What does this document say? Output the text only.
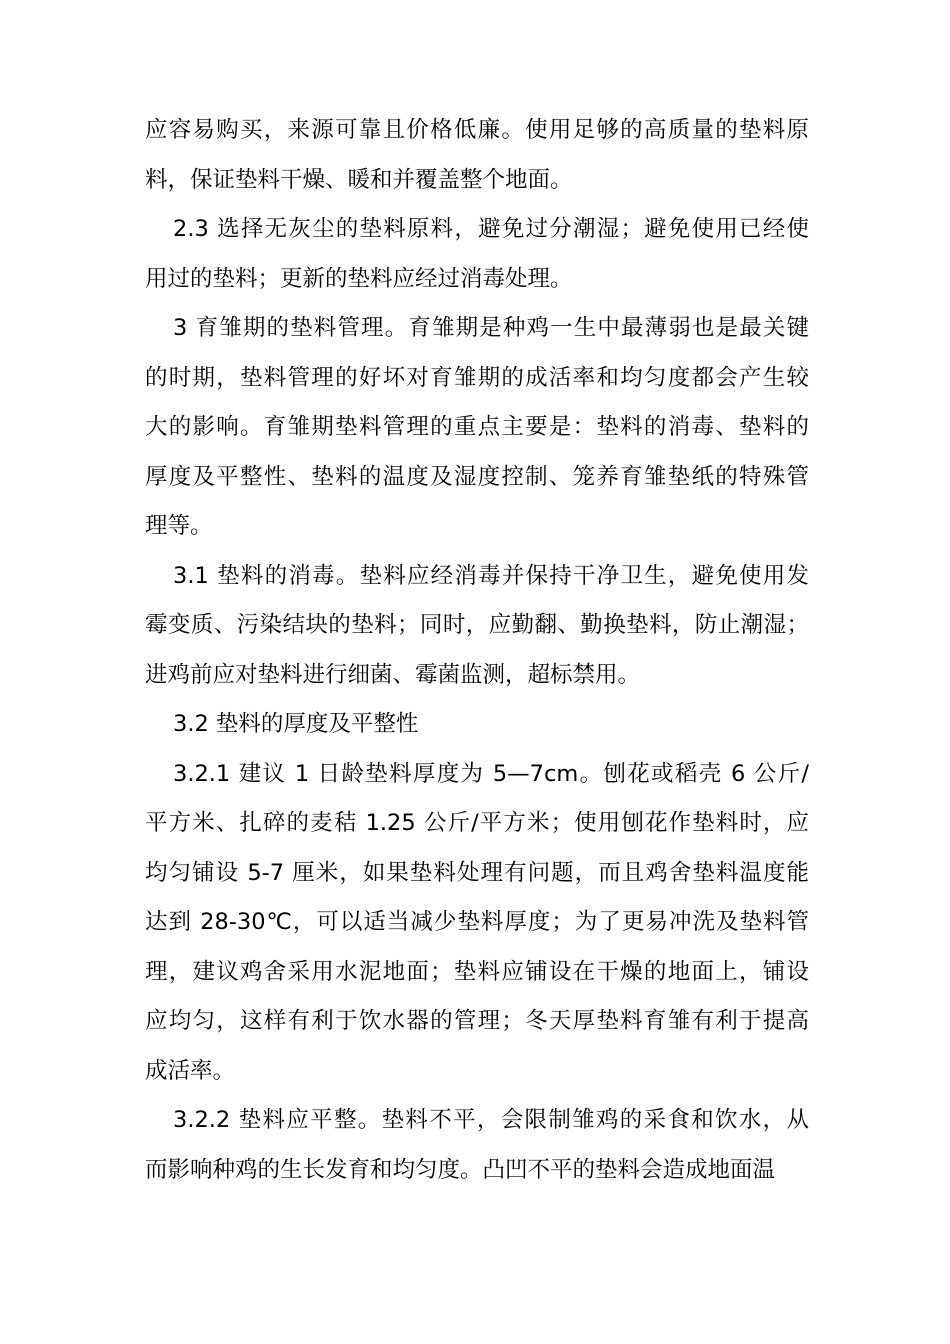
应容易购买，来源可靠且价格低廉。使用足够的高质量的垫料原
料，保证垫料干燥、暖和并覆盖整个地面。
2.3 选择无灰尘的垫料原料，避免过分潮湿；避免使用已经使
用过的垫料；更新的垫料应经过消毒处理。
3 育雏期的垫料管理。育雏期是种鸡一生中最薄弱也是最关键
的时期，垫料管理的好坏对育雏期的成活率和均匀度都会产生较
大的影响。育雏期垫料管理的重点主要是：垫料的消毒、垫料的
厚度及平整性、垫料的温度及湿度控制、笼养育雏垫纸的特殊管
理等。
3.1 垫料的消毒。垫料应经消毒并保持干净卫生，避免使用发
霉变质、污染结块的垫料；同时，应勤翻、勤换垫料，防止潮湿；
进鸡前应对垫料进行细菌、霉菌监测，超标禁用。
3.2 垫料的厚度及平整性
3.2.1 建议 1 日龄垫料厚度为 5—7cm。刨花或稻壳 6 公斤/
平方米、扎碎的麦秸 1.25 公斤/平方米；使用刨花作垫料时，应
均匀铺设 5-7 厘米，如果垫料处理有问题，而且鸡舍垫料温度能
达到 28-30℃，可以适当减少垫料厚度；为了更易冲洗及垫料管
理，建议鸡舍采用水泥地面；垫料应铺设在干燥的地面上，铺设
应均匀，这样有利于饮水器的管理；冬天厚垫料育雏有利于提高
成活率。
3.2.2 垫料应平整。垫料不平，会限制雏鸡的采食和饮水，从
而影响种鸡的生长发育和均匀度。凸凹不平的垫料会造成地面温
